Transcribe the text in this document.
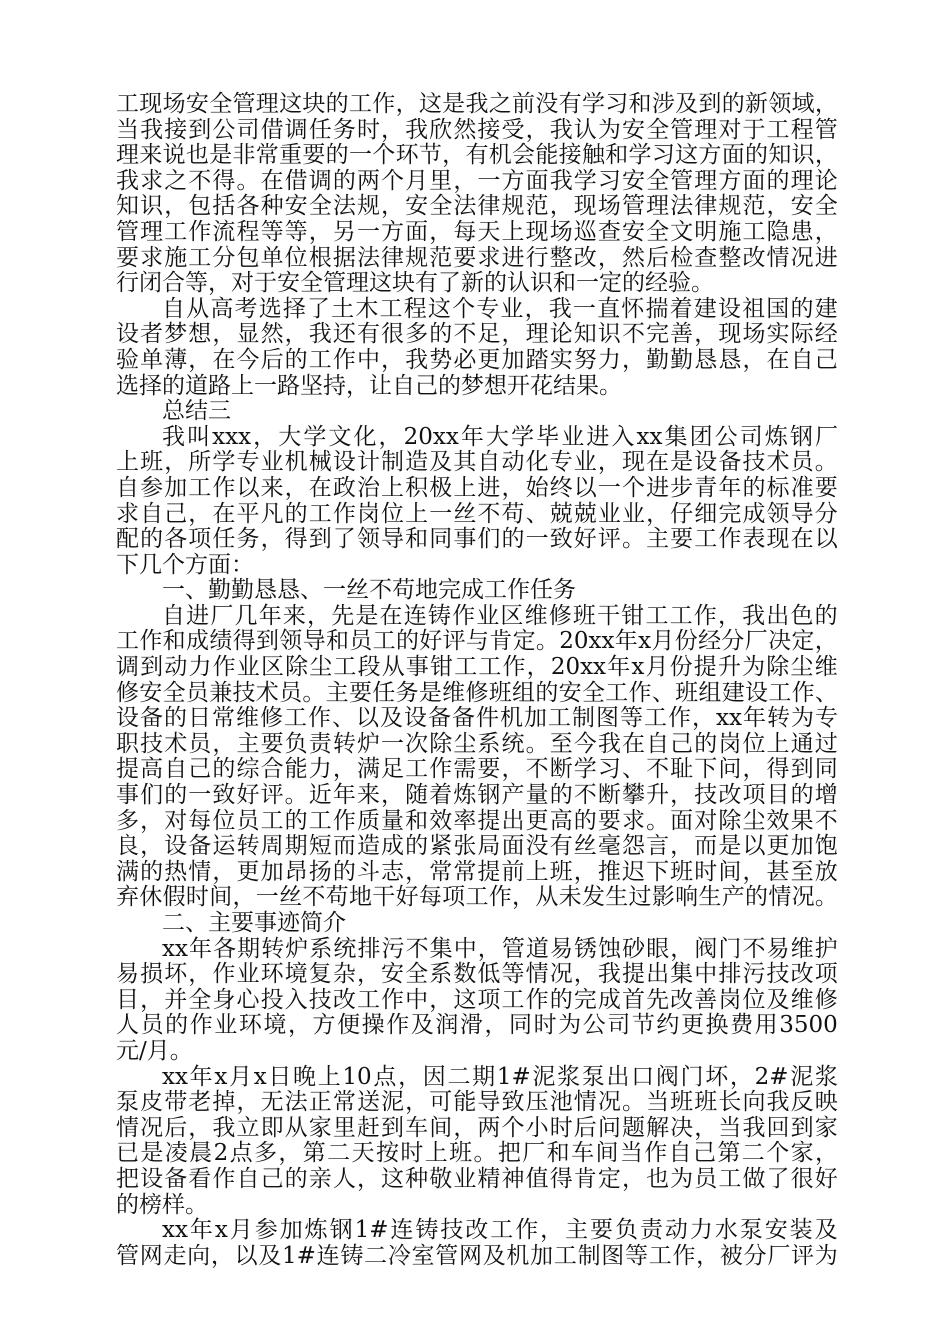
工 现 场 安 全 管 理 这 块 的 工 作 ， 这 是 我 之 前 没 有 学 习 和 涉 及 到 的 新 领 域 ，
当 我 接 到 公 司 借 调 任 务 时 ， 我 欣 然 接 受 ， 我 认 为 安 全 管 理 对 于 工 程 管
理 来 说 也 是 非 常 重 要 的 一 个 环 节 ， 有 机 会 能 接 触 和 学 习 这 方 面 的 知 识 ，
我 求 之 不 得 。 在 借 调 的 两 个 月 里 ， 一 方 面 我 学 习 安 全 管 理 方 面 的 理 论
知 识 ， 包 括 各 种 安 全 法 规 ， 安 全 法 律 规 范 ， 现 场 管 理 法 律 规 范 ， 安 全
管 理 工 作 流 程 等 等 ， 另 一 方 面 ， 每 天 上 现 场 巡 查 安 全 文 明 施 工 隐 患 ，
要 求 施 工 分 包 单 位 根 据 法 律 规 范 要 求 进 行 整 改 ， 然 后 检 查 整 改 情 况 进
行闭合等，对于安全管理这块有了新的认识和一定的经验。
自 从 高 考 选 择 了 土 木 工 程 这 个 专 业 ， 我 一 直 怀 揣 着 建 设 祖 国 的 建
设 者 梦 想 ， 显 然 ， 我 还 有 很 多 的 不 足 ， 理 论 知 识 不 完 善 ， 现 场 实 际 经
验 单 薄 ， 在 今 后 的 工 作 中 ， 我 势 必 更 加 踏 实 努 力 ， 勤 勤 恳 恳 ， 在 自 己
选择的道路上一路坚持，让自己的梦想开花结果。
总结三
我 叫 xxx ， 大 学 文 化 ， 20xx 年 大 学 毕 业 进 入 xx 集 团 公 司 炼 钢 厂
上 班 ， 所 学 专 业 机 械 设 计 制 造 及 其 自 动 化 专 业 ， 现 在 是 设 备 技 术 员 。
自 参 加 工 作 以 来 ， 在 政 治 上 积 极 上 进 ， 始 终 以 一 个 进 步 青 年 的 标 准 要
求 自 己 ， 在 平 凡 的 工 作 岗 位 上 一 丝 不 苟 、 兢 兢 业 业 ， 仔 细 完 成 领 导 分
配 的 各 项 任 务 ， 得 到 了 领 导 和 同 事 们 的 一 致 好 评 。 主 要 工 作 表 现 在 以
下几个方面：
一、勤勤恳恳、一丝不苟地完成工作任务
自 进 厂 几 年 来 ， 先 是 在 连 铸 作 业 区 维 修 班 干 钳 工 工 作 ， 我 出 色 的
工 作 和 成 绩 得 到 领 导 和 员 工 的 好 评 与 肯 定 。 20xx 年 x 月 份 经 分 厂 决 定 ，
调 到 动 力 作 业 区 除 尘 工 段 从 事 钳 工 工 作 ， 20xx 年 x 月 份 提 升 为 除 尘 维
修 安 全 员 兼 技 术 员 。 主 要 任 务 是 维 修 班 组 的 安 全 工 作 、 班 组 建 设 工 作 、
设 备 的 日 常 维 修 工 作 、 以 及 设 备 备 件 机 加 工 制 图 等 工 作 ， xx 年 转 为 专
职 技 术 员 ， 主 要 负 责 转 炉 一 次 除 尘 系 统 。 至 今 我 在 自 己 的 岗 位 上 通 过
提 高 自 己 的 综 合 能 力 ， 满 足 工 作 需 要 ， 不 断 学 习 、 不 耻 下 问 ， 得 到 同
事 们 的 一 致 好 评 。 近 年 来 ， 随 着 炼 钢 产 量 的 不 断 攀 升 ， 技 改 项 目 的 增
多 ， 对 每 位 员 工 的 工 作 质 量 和 效 率 提 出 更 高 的 要 求 。 面 对 除 尘 效 果 不
良 ， 设 备 运 转 周 期 短 而 造 成 的 紧 张 局 面 没 有 丝 毫 怨 言 ， 而 是 以 更 加 饱
满 的 热 情 ， 更 加 昂 扬 的 斗 志 ， 常 常 提 前 上 班 ， 推 迟 下 班 时 间 ， 甚 至 放
弃 休 假 时 间 ， 一 丝 不 苟 地 干 好 每 项 工 作 ， 从 未 发 生 过 影 响 生 产 的 情 况 。
二、主要事迹简介
xx 年 各 期 转 炉 系 统 排 污 不 集 中 ， 管 道 易 锈 蚀 砂 眼 ， 阀 门 不 易 维 护
易 损 坏 ， 作 业 环 境 复 杂 ， 安 全 系 数 低 等 情 况 ， 我 提 出 集 中 排 污 技 改 项
目 ， 并 全 身 心 投 入 技 改 工 作 中 ， 这 项 工 作 的 完 成 首 先 改 善 岗 位 及 维 修
人 员 的 作 业 环 境 ， 方 便 操 作 及 润 滑 ， 同 时 为 公 司 节 约 更 换 费 用 3500
元/月。
xx 年 x 月 x 日 晚 上 10 点 ， 因 二 期 1# 泥 浆 泵 出 口 阀 门 坏 ， 2# 泥 浆
泵 皮 带 老 掉 ， 无 法 正 常 送 泥 ， 可 能 导 致 压 池 情 况 。 当 班 班 长 向 我 反 映
情 况 后 ， 我 立 即 从 家 里 赶 到 车 间 ， 两 个 小 时 后 问 题 解 决 ， 当 我 回 到 家
已 是 凌 晨 2 点 多 ， 第 二 天 按 时 上 班 。 把 厂 和 车 间 当 作 自 己 第 二 个 家 ，
把 设 备 看 作 自 己 的 亲 人 ， 这 种 敬 业 精 神 值 得 肯 定 ， 也 为 员 工 做 了 很 好
的榜样。
xx 年 x 月 参 加 炼 钢 1# 连 铸 技 改 工 作 ， 主 要 负 责 动 力 水 泵 安 装 及
管 网 走 向 ， 以 及 1# 连 铸 二 冷 室 管 网 及 机 加 工 制 图 等 工 作 ， 被 分 厂 评 为
